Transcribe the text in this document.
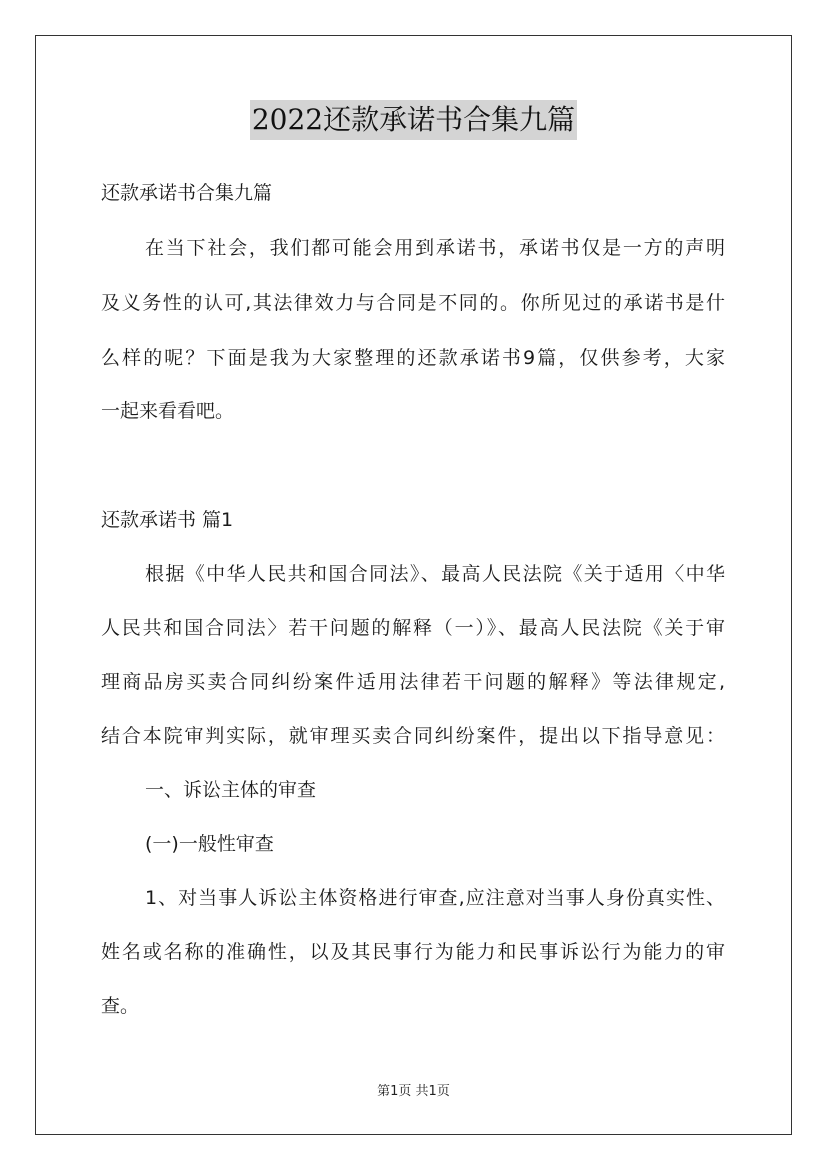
2022还款承诺书合集九篇
还款承诺书合集九篇
在当下社会，我们都可能会用到承诺书，承诺书仅是一方的声明
及义务性的认可,其法律效力与合同是不同的。你所见过的承诺书是什
么样的呢？下面是我为大家整理的还款承诺书9篇，仅供参考，大家
一起来看看吧。
还款承诺书 篇1
根据《中华人民共和国合同法》、最高人民法院《关于适用〈中华
人民共和国合同法〉若干问题的解释（一）》、最高人民法院《关于审
理商品房买卖合同纠纷案件适用法律若干问题的解释》等法律规定,
结合本院审判实际，就审理买卖合同纠纷案件，提出以下指导意见：
一、诉讼主体的审查
(一)一般性审查
1、对当事人诉讼主体资格进行审查,应注意对当事人身份真实性、
姓名或名称的准确性，以及其民事行为能力和民事诉讼行为能力的审
查。
第1页 共1页
